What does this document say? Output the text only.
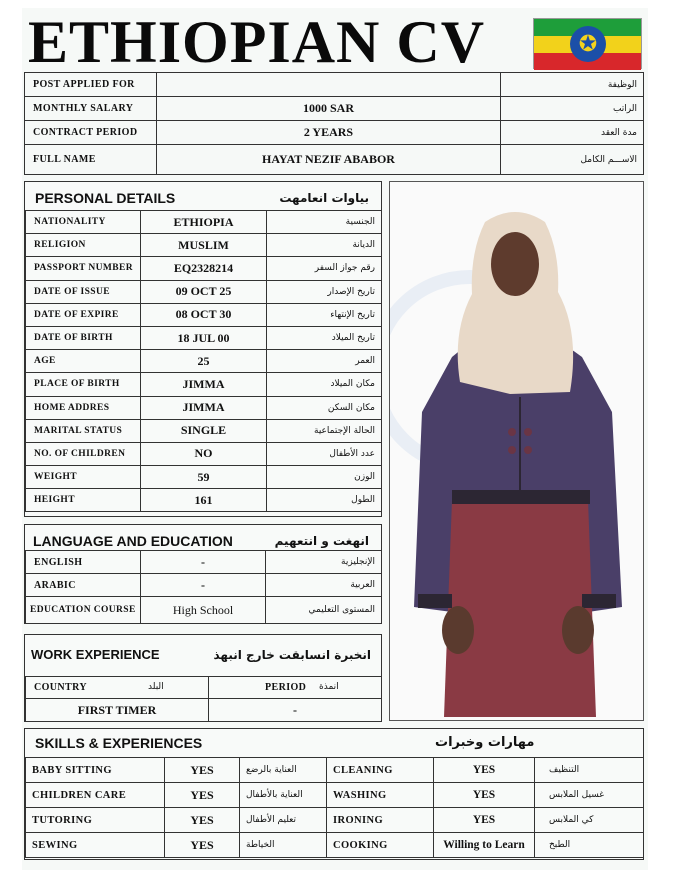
ETHIOPIAN CV	✪
POST APPLIED FOR		الوظيفة
MONTHLY SALARY	1000 SAR	الراتب
CONTRACT PERIOD	2 YEARS	مدة العقد
FULL NAME	HAYAT NEZIF ABABOR	الاســـم الكامل
PERSONAL DETAILS	بياوات انعامهت
NATIONALITY	ETHIOPIA	الجنسية
RELIGION	MUSLIM	الديانة
PASSPORT NUMBER	EQ2328214	رقم جواز السفر
DATE OF ISSUE	09 OCT 25	تاريخ الإصدار
DATE OF EXPIRE	08 OCT 30	تاريخ الإنتهاء
DATE OF BIRTH	18 JUL 00	تاريخ الميلاد
AGE	25	العمر
PLACE OF BIRTH	JIMMA	مكان الميلاد
HOME ADDRES	JIMMA	مكان السكن
MARITAL STATUS	SINGLE	الحالة الإجتماعية
NO. OF CHILDREN	NO	عدد الأطفال
WEIGHT	59	الوزن
HEIGHT	161	الطول
LANGUAGE AND EDUCATION	انهغت و انتعهيم
ENGLISH	-	الإنجليزية
ARABIC	-	العربية
EDUCATION COURSE	High School	المستوى التعليمي
WORK EXPERIENCE	انخبرة انسابقت خارج انبهذ
COUNTRY البلد	PERIOD انمذة

FIRST TIMER	-
SKILLS & EXPERIENCES	مهارات وخبرات
BABY SITTING	YES	العناية بالرضع	CLEANING	YES	التنظيف
CHILDREN CARE	YES	العناية بالأطفال	WASHING	YES	غسيل الملابس
TUTORING	YES	تعليم الأطفال	IRONING	YES	كي الملابس
SEWING	YES	الخياطة	COOKING	Willing to Learn	الطبخ
